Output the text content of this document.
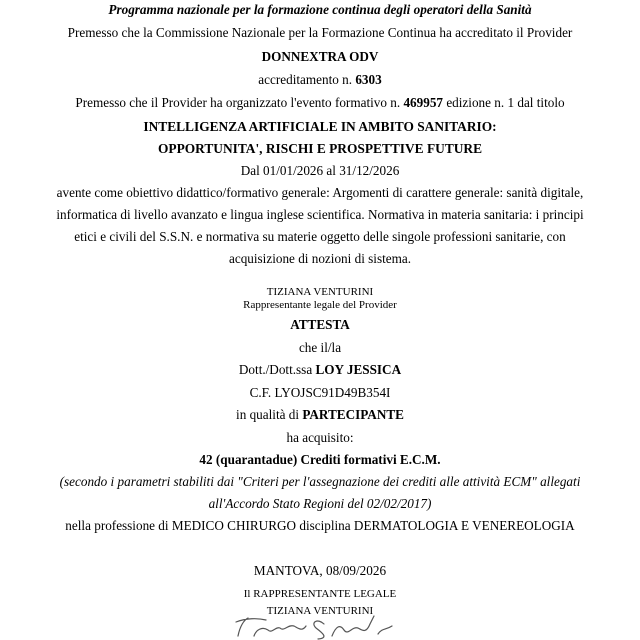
Programma nazionale per la formazione continua degli operatori della Sanità
Premesso che la Commissione Nazionale per la Formazione Continua ha accreditato il Provider
DONNEXTRA ODV
accreditamento n. 6303
Premesso che il Provider ha organizzato l'evento formativo n. 469957 edizione n. 1 dal titolo
INTELLIGENZA ARTIFICIALE IN AMBITO SANITARIO:
OPPORTUNITA', RISCHI E PROSPETTIVE FUTURE
Dal 01/01/2026 al 31/12/2026
avente come obiettivo didattico/formativo generale: Argomenti di carattere generale: sanità digitale,
informatica di livello avanzato e lingua inglese scientifica. Normativa in materia sanitaria: i principi
etici e civili del S.S.N. e normativa su materie oggetto delle singole professioni sanitarie, con
acquisizione di nozioni di sistema.
TIZIANA VENTURINI
Rappresentante legale del Provider
ATTESTA
che il/la
Dott./Dott.ssa LOY JESSICA
C.F. LYOJSC91D49B354I
in qualità di PARTECIPANTE
ha acquisito:
42 (quarantadue) Crediti formativi E.C.M.
(secondo i parametri stabiliti dai "Criteri per l'assegnazione dei crediti alle attività ECM" allegati
all'Accordo Stato Regioni del 02/02/2017)
nella professione di MEDICO CHIRURGO disciplina DERMATOLOGIA E VENEREOLOGIA
MANTOVA, 08/09/2026
Il RAPPRESENTANTE LEGALE
TIZIANA VENTURINI
